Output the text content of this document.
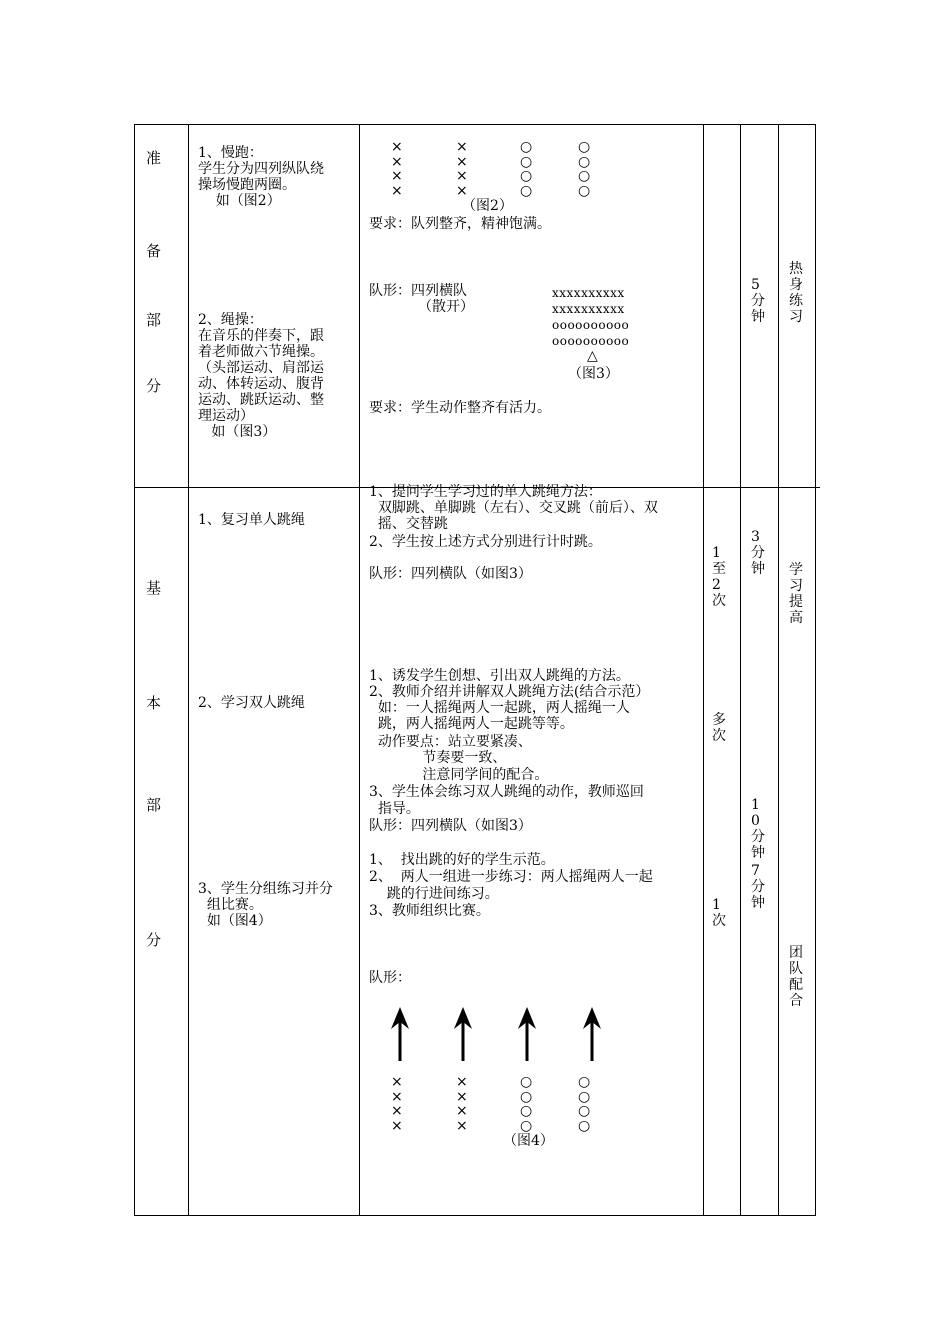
准
备
部
分
基
本
部
分
1、慢跑：
学生分为四列纵队绕
操场慢跑两圈。
如（图2）
2、绳操：
在音乐的伴奏下，跟
着老师做六节绳操。
（头部运动、肩部运
动、体转运动、腹背
运动、跳跃运动、整
理运动）
如（图3）
×
×
×
×
×
×
×
×
○
○
○
○
○
○
○
○
（图2）
要求：队列整齐，精神饱满。
队形：四列横队
（散开）
xxxxxxxxxx
xxxxxxxxxx
oooooooooo
oooooooooo
△
（图3）
要求：学生动作整齐有活力。
5分钟
热身练习
1、复习单人跳绳
2、学习双人跳绳
3、学生分组练习并分
组比赛。
如（图4）
1、提问学生学习过的单人跳绳方法：
双脚跳、单脚跳（左右）、交叉跳（前后）、双
摇、交替跳
2、学生按上述方式分别进行计时跳。
队形：四列横队（如图3）
1、诱发学生创想、引出双人跳绳的方法。
2、教师介绍并讲解双人跳绳方法(结合示范）
如：一人摇绳两人一起跳，两人摇绳一人
跳，两人摇绳两人一起跳等等。
动作要点：站立要紧凑、
节奏要一致、
注意同学间的配合。
3、学生体会练习双人跳绳的动作，教师巡回
指导。
队形：四列横队（如图3）
1、  找出跳的好的学生示范。
2、  两人一组进一步练习：两人摇绳两人一起
跳的行进间练习。
3、教师组织比赛。
队形：
×
×
×
×
×
×
×
×
○
○
○
○
○
○
○
○
（图4）
1至2次
多次
1次
3分钟
10分钟
7分钟
学习提高
团队配合
